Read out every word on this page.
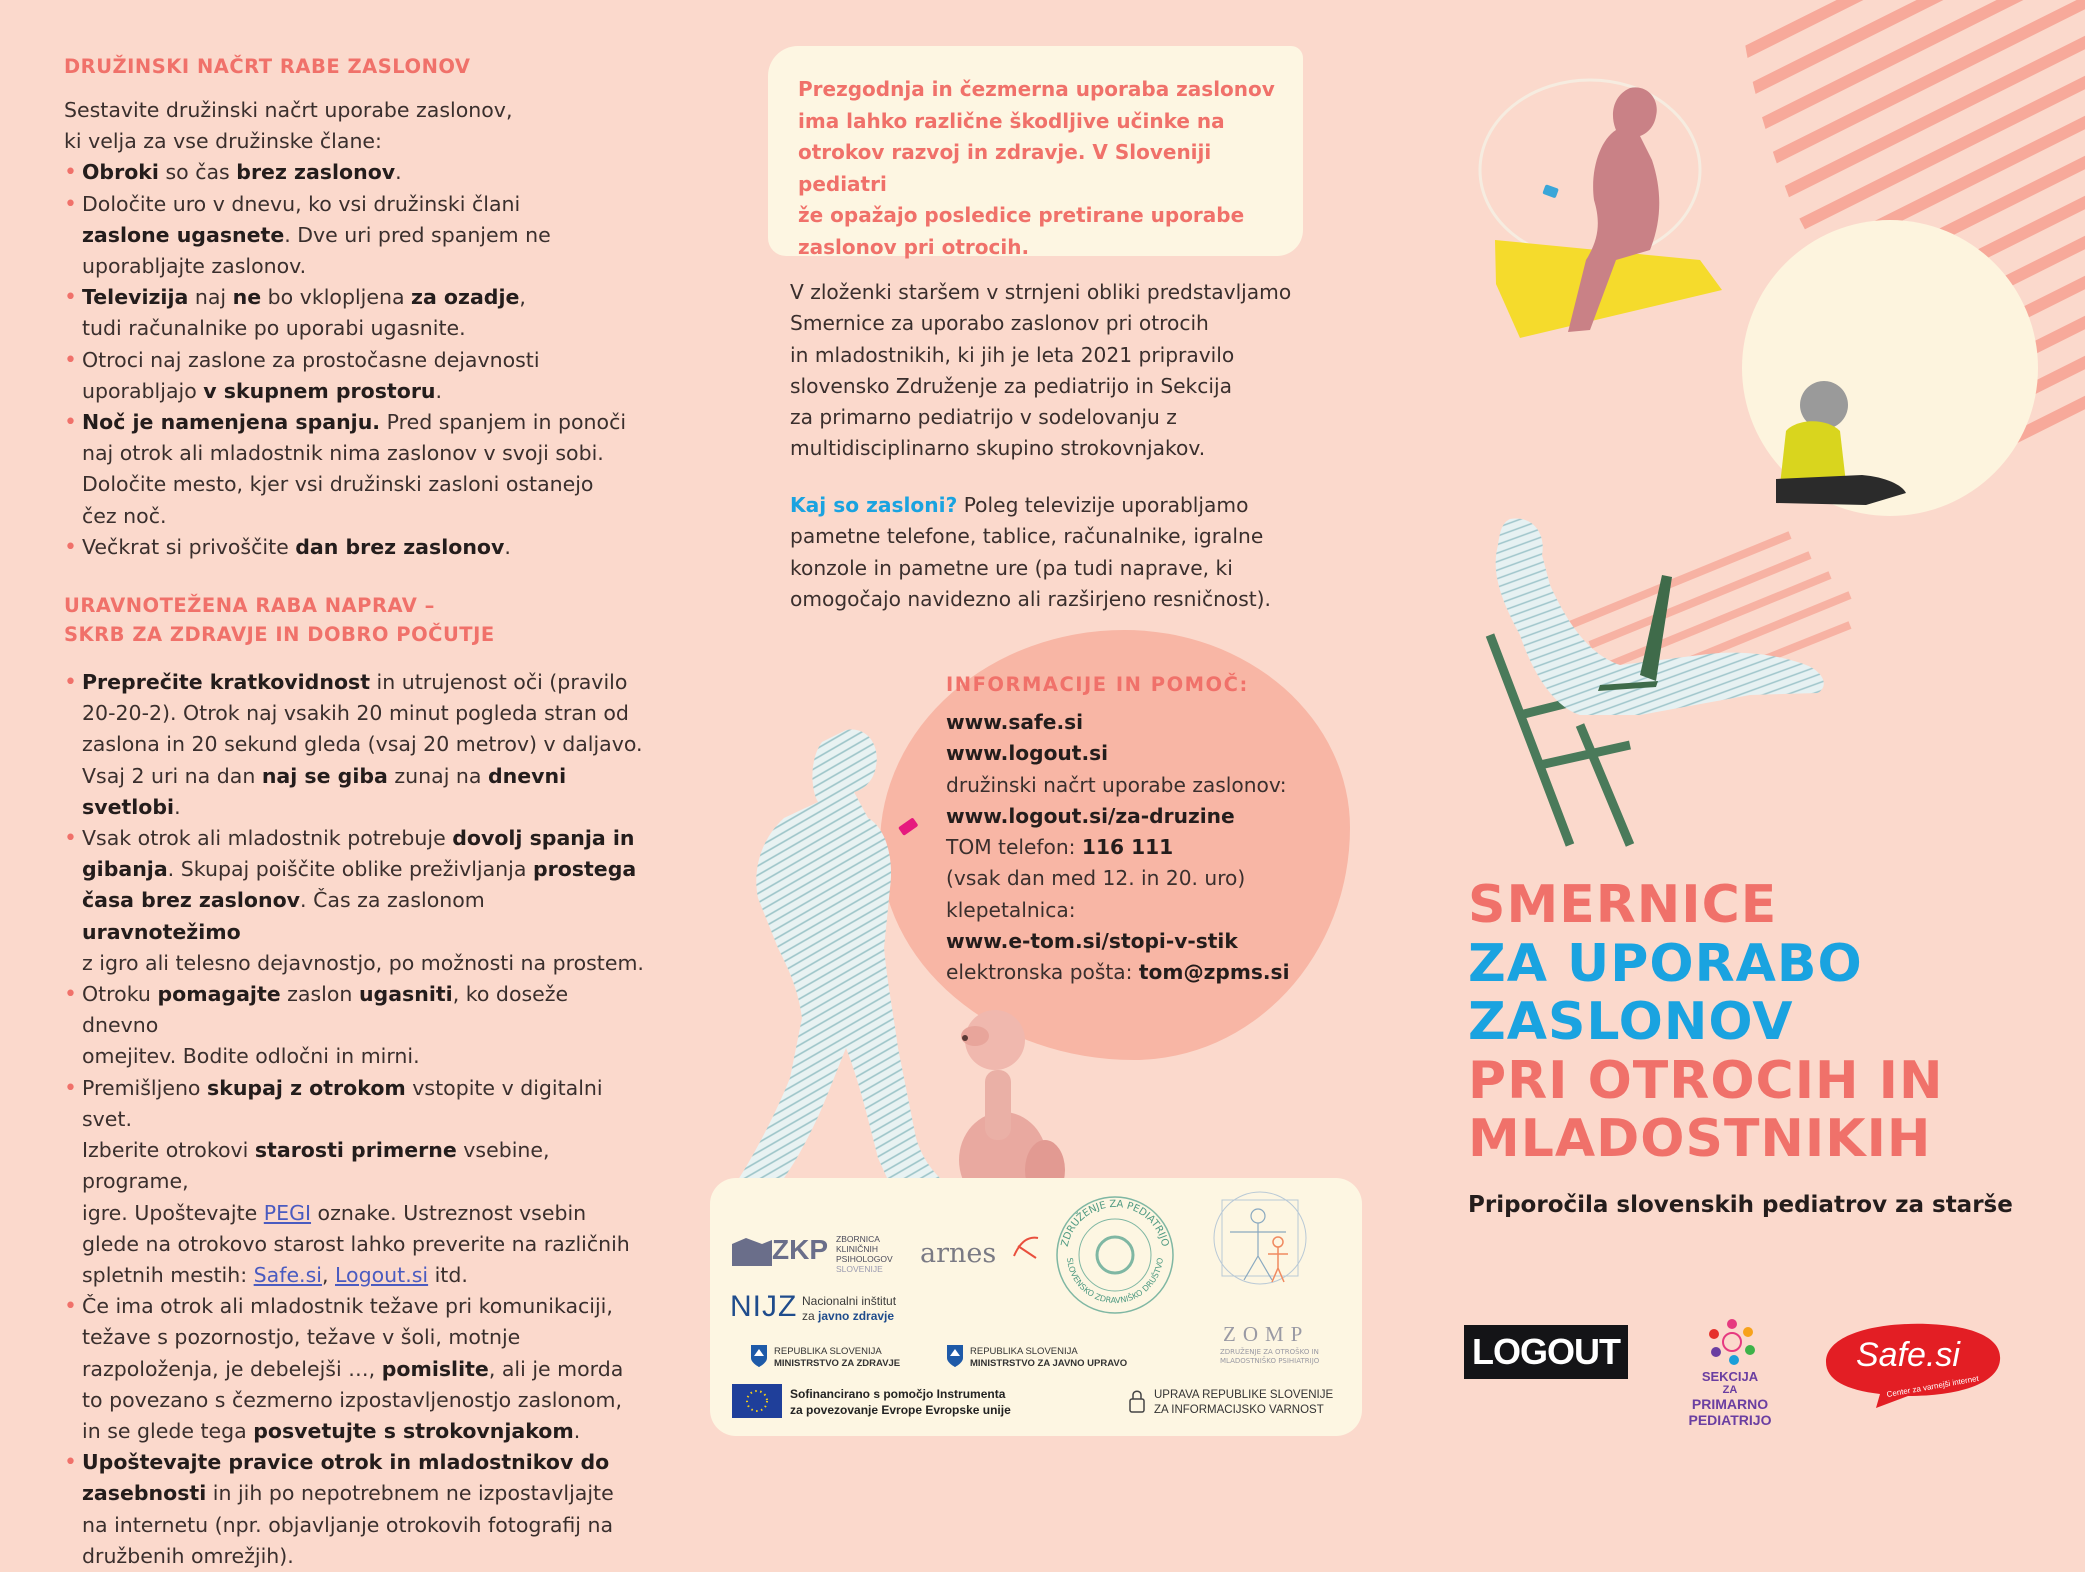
DRUŽINSKI NAČRT RABE ZASLONOV
Sestavite družinski načrt uporabe zaslonov,
ki velja za vse družinske člane:
• Obroki so čas brez zaslonov.
• Določite uro v dnevu, ko vsi družinski člani
zaslone ugasnete. Dve uri pred spanjem ne
uporabljajte zaslonov.
• Televizija naj ne bo vklopljena za ozadje,
tudi računalnike po uporabi ugasnite.
• Otroci naj zaslone za prostočasne dejavnosti
uporabljajo v skupnem prostoru.
• Noč je namenjena spanju. Pred spanjem in ponoči
naj otrok ali mladostnik nima zaslonov v svoji sobi.
Določite mesto, kjer vsi družinski zasloni ostanejo
čez noč.
• Večkrat si privoščite dan brez zaslonov.
URAVNOTEŽENA RABA NAPRAV –
SKRB ZA ZDRAVJE IN DOBRO POČUTJE
• Preprečite kratkovidnost in utrujenost oči (pravilo
20-20-2). Otrok naj vsakih 20 minut pogleda stran od
zaslona in 20 sekund gleda (vsaj 20 metrov) v daljavo.
Vsaj 2 uri na dan naj se giba zunaj na dnevni svetlobi.
• Vsak otrok ali mladostnik potrebuje dovolj spanja in
gibanja. Skupaj poiščite oblike preživljanja prostega
časa brez zaslonov. Čas za zaslonom uravnotežimo
z igro ali telesno dejavnostjo, po možnosti na prostem.
• Otroku pomagajte zaslon ugasniti, ko doseže dnevno
omejitev. Bodite odločni in mirni.
• Premišljeno skupaj z otrokom vstopite v digitalni svet.
Izberite otrokovi starosti primerne vsebine, programe,
igre. Upoštevajte PEGI oznake. Ustreznost vsebin
glede na otrokovo starost lahko preverite na različnih
spletnih mestih: Safe.si, Logout.si itd.
• Če ima otrok ali mladostnik težave pri komunikaciji,
težave s pozornostjo, težave v šoli, motnje
razpoloženja, je debelejši …, pomislite, ali je morda
to povezano s čezmerno izpostavljenostjo zaslonom,
in se glede tega posvetujte s strokovnjakom.
• Upoštevajte pravice otrok in mladostnikov do
zasebnosti in jih po nepotrebnem ne izpostavljajte
na internetu (npr. objavljanje otrokovih fotografij na
družbenih omrežjih).

Prezgodnja in čezmerna uporaba zaslonov
ima lahko različne škodljive učinke na
otrokov razvoj in zdravje. V Sloveniji pediatri
že opažajo posledice pretirane uporabe
zaslonov pri otrocih.

V zloženki staršem v strnjeni obliki predstavljamo
Smernice za uporabo zaslonov pri otrocih
in mladostnikih, ki jih je leta 2021 pripravilo
slovensko Združenje za pediatrijo in Sekcija
za primarno pediatrijo v sodelovanju z
multidisciplinarno skupino strokovnjakov.
Kaj so zasloni? Poleg televizije uporabljamo
pametne telefone, tablice, računalnike, igralne
konzole in pametne ure (pa tudi naprave, ki
omogočajo navidezno ali razširjeno resničnost).
INFORMACIJE IN POMOČ:
www.safe.si
www.logout.si
družinski načrt uporabe zaslonov:
www.logout.si/za-druzine
TOM telefon: 116 111
(vsak dan med 12. in 20. uro)
klepetalnica:
www.e-tom.si/stopi-v-stik
elektronska pošta: tom@zpms.si
ZKP ZBORNICA
KLINIČNIH
PSIHOLOGOV
SLOVENIJE	arnes	ZDRUŽENJE ZA PEDIATRIJO
SLOVENSKO ZDRAVNIŠKO DRUŠTVO
ZOMP
ZDRUŽENJE ZA OTROŠKO IN
MLADOSTNIŠKO PSIHIATRIJO
NIJZ Nacionalni inštitut
za javno zdravje
REPUBLIKA SLOVENIJA
MINISTRSTVO ZA ZDRAVJE
REPUBLIKA SLOVENIJA
MINISTRSTVO ZA JAVNO UPRAVO
Sofinancirano s pomočjo Instrumenta
za povezovanje Evrope Evropske unije
UPRAVA REPUBLIKE SLOVENIJE
ZA INFORMACIJSKO VARNOST
SMERNICE
ZA UPORABO
ZASLONOV
PRI OTROCIH IN
MLADOSTNIKIH
Priporočila slovenskih pediatrov za starše
LOGOUT
SEKCIJA
ZA
PRIMARNO PEDIATRIJO
Safe.si
Center za varnejši internet
